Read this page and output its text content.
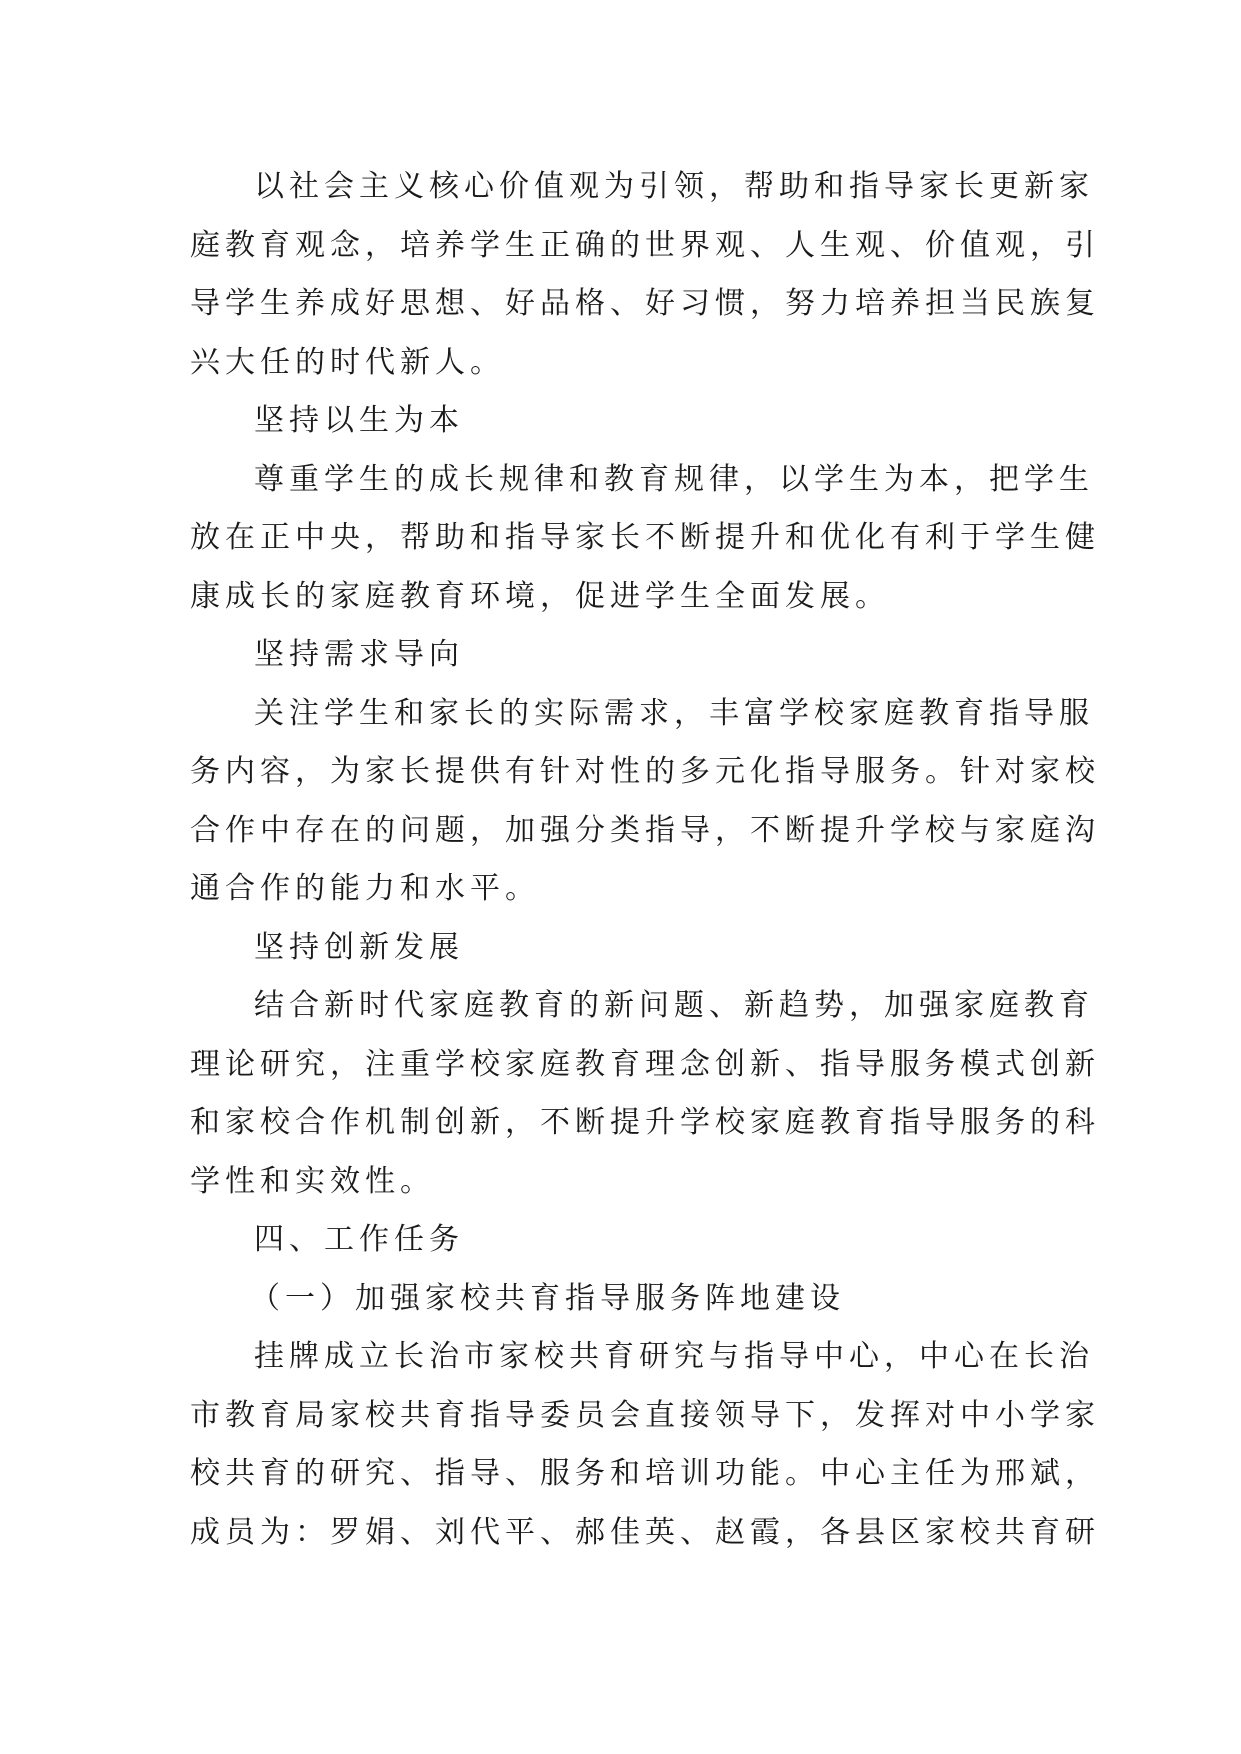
以社会主义核心价值观为引领，帮助和指导家长更新家
庭教育观念，培养学生正确的世界观、人生观、价值观，引
导学生养成好思想、好品格、好习惯，努力培养担当民族复
兴大任的时代新人。
坚持以生为本
尊重学生的成长规律和教育规律，以学生为本，把学生
放在正中央，帮助和指导家长不断提升和优化有利于学生健
康成长的家庭教育环境，促进学生全面发展。
坚持需求导向
关注学生和家长的实际需求，丰富学校家庭教育指导服
务内容，为家长提供有针对性的多元化指导服务。针对家校
合作中存在的问题，加强分类指导，不断提升学校与家庭沟
通合作的能力和水平。
坚持创新发展
结合新时代家庭教育的新问题、新趋势，加强家庭教育
理论研究，注重学校家庭教育理念创新、指导服务模式创新
和家校合作机制创新，不断提升学校家庭教育指导服务的科
学性和实效性。
四、工作任务
（一）加强家校共育指导服务阵地建设
挂牌成立长治市家校共育研究与指导中心，中心在长治
市教育局家校共育指导委员会直接领导下，发挥对中小学家
校共育的研究、指导、服务和培训功能。中心主任为邢斌，
成员为：罗娟、刘代平、郝佳英、赵霞，各县区家校共育研
